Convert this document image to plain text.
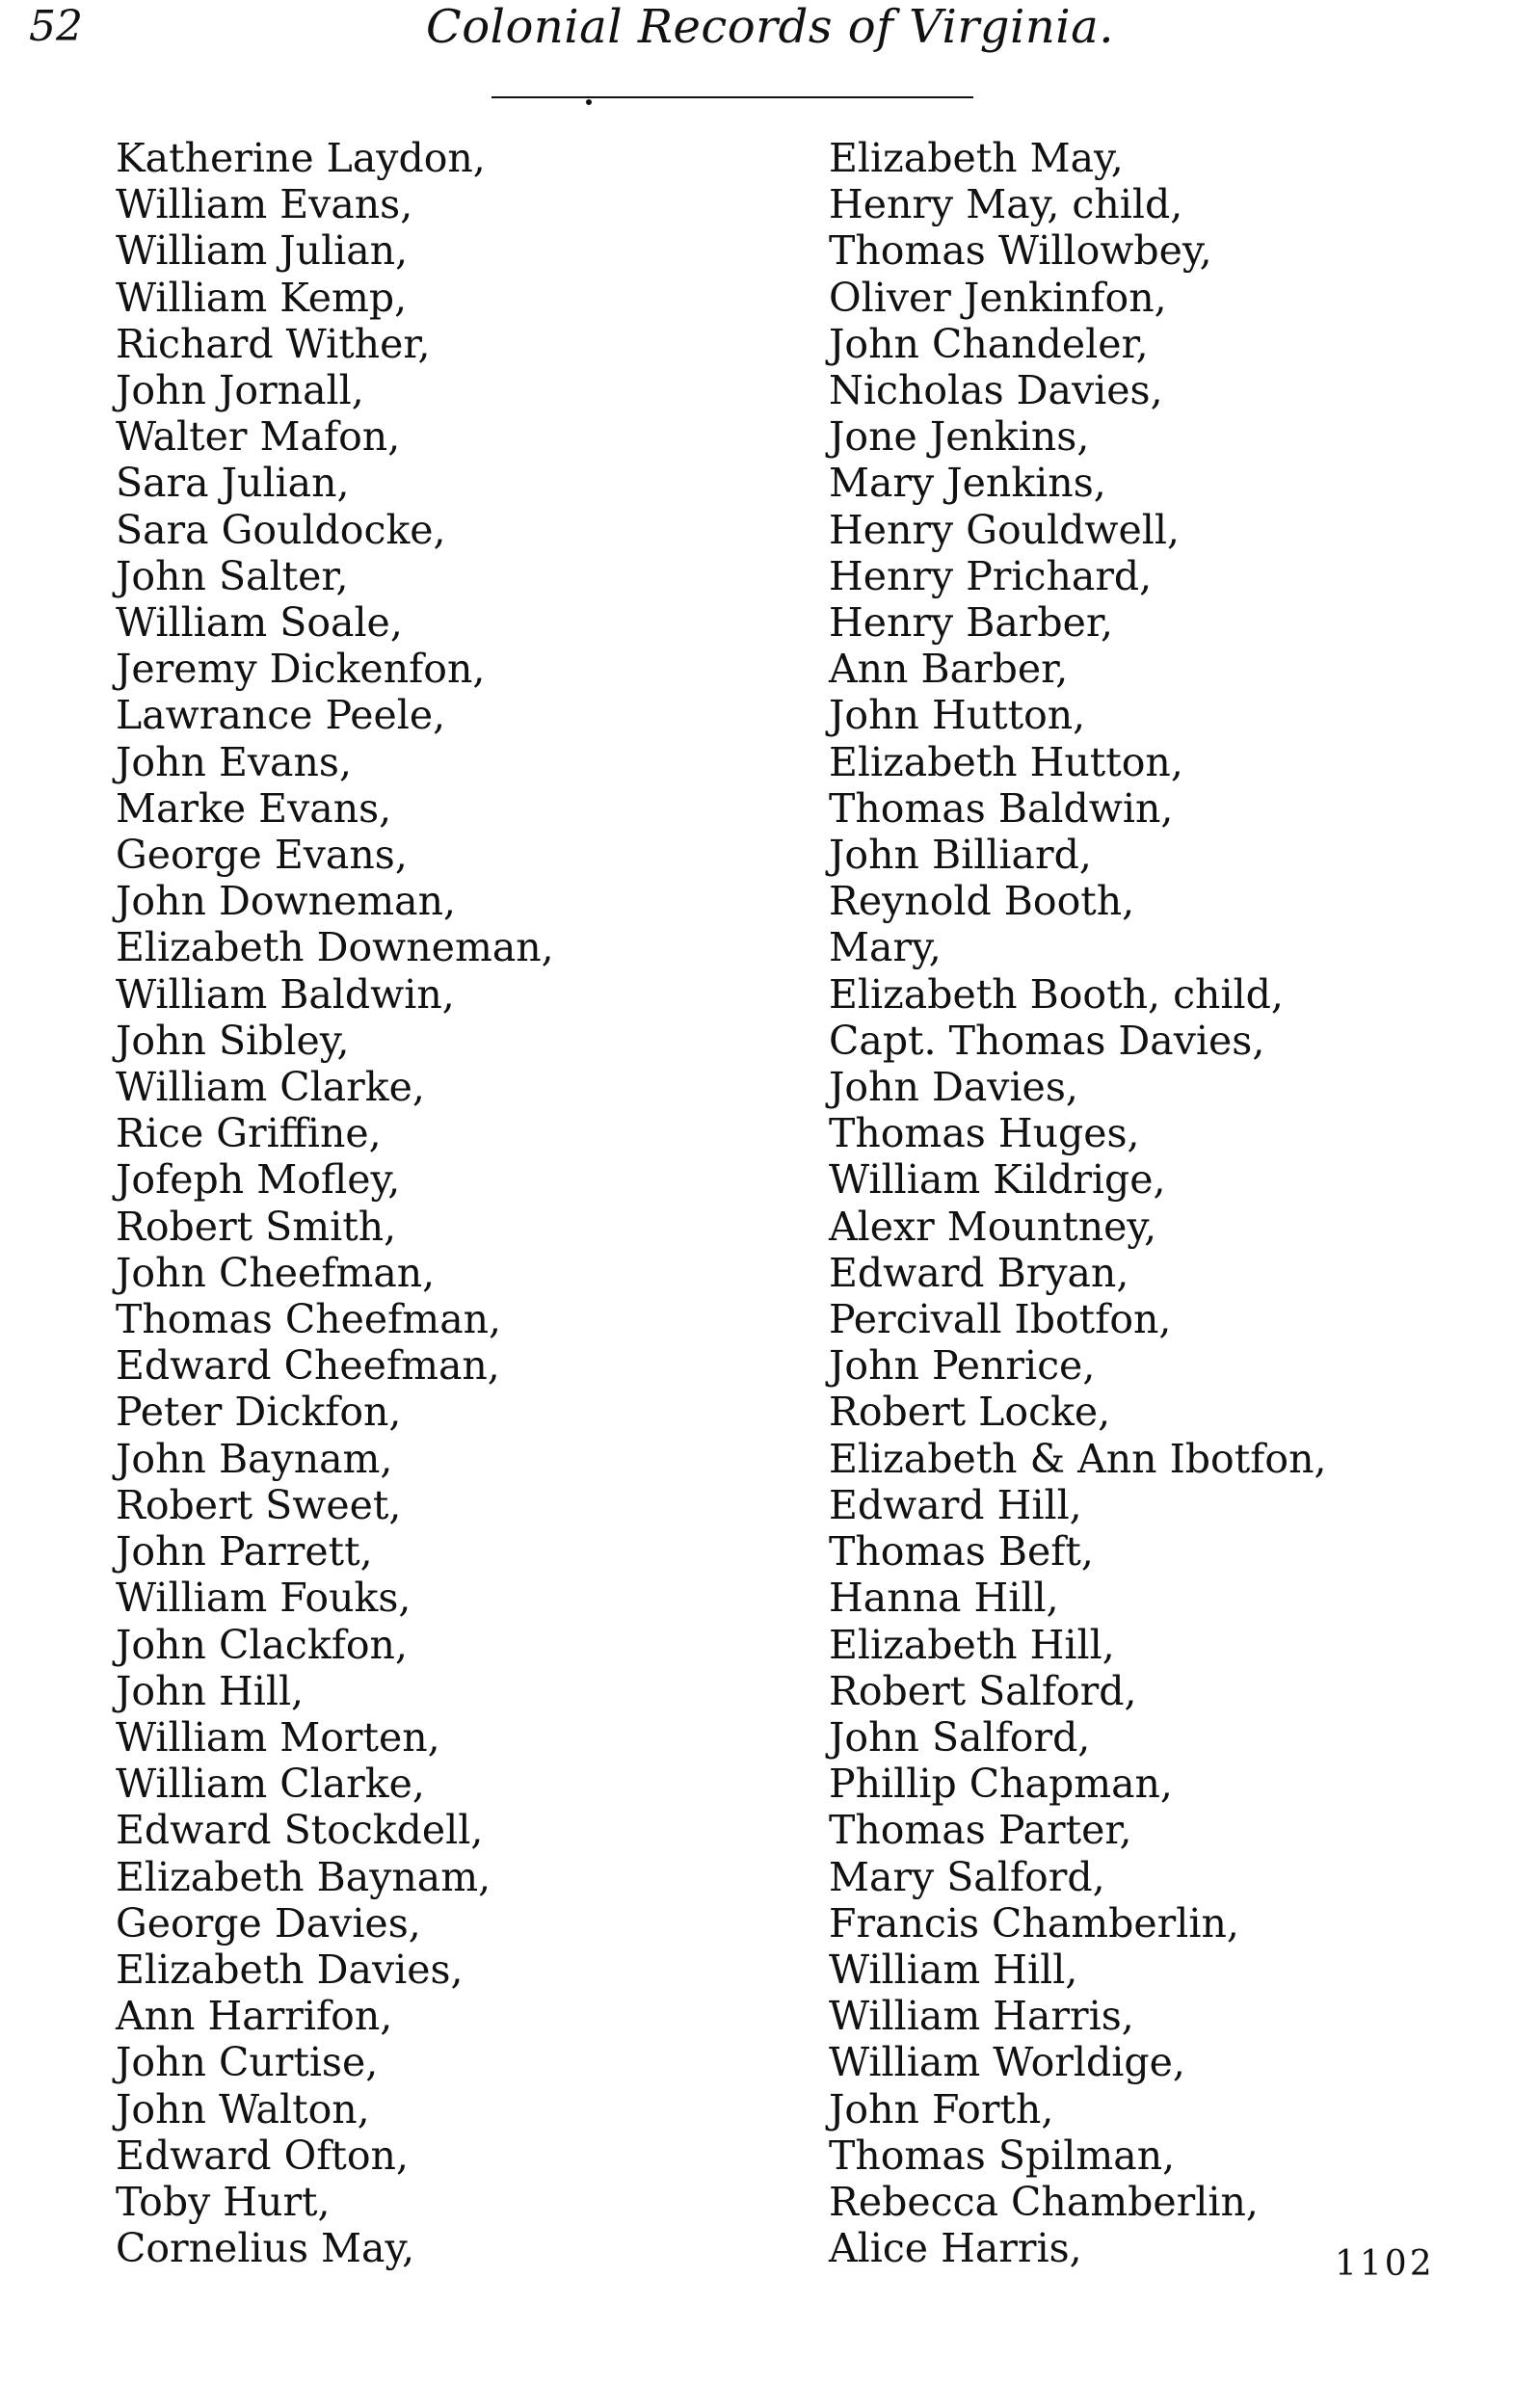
52	Colonial Records of Virginia.
Katherine Laydon,
William Evans,
William Julian,
William Kemp,
Richard Wither,
John Jornall,
Walter Mafon,
Sara Julian,
Sara Gouldocke,
John Salter,
William Soale,
Jeremy Dickenfon,
Lawrance Peele,
John Evans,
Marke Evans,
George Evans,
John Downeman,
Elizabeth Downeman,
William Baldwin,
John Sibley,
William Clarke,
Rice Griffine,
Jofeph Mofley,
Robert Smith,
John Cheefman,
Thomas Cheefman,
Edward Cheefman,
Peter Dickfon,
John Baynam,
Robert Sweet,
John Parrett,
William Fouks,
John Clackfon,
John Hill,
William Morten,
William Clarke,
Edward Stockdell,
Elizabeth Baynam,
George Davies,
Elizabeth Davies,
Ann Harrifon,
John Curtise,
John Walton,
Edward Ofton,
Toby Hurt,
Cornelius May,
Elizabeth May,
Henry May, child,
Thomas Willowbey,
Oliver Jenkinfon,
John Chandeler,
Nicholas Davies,
Jone Jenkins,
Mary Jenkins,
Henry Gouldwell,
Henry Prichard,
Henry Barber,
Ann Barber,
John Hutton,
Elizabeth Hutton,
Thomas Baldwin,
John Billiard,
Reynold Booth,
Mary,
Elizabeth Booth, child,
Capt. Thomas Davies,
John Davies,
Thomas Huges,
William Kildrige,
Alexr Mountney,
Edward Bryan,
Percivall Ibotfon,
John Penrice,
Robert Locke,
Elizabeth & Ann Ibotfon,
Edward Hill,
Thomas Beft,
Hanna Hill,
Elizabeth Hill,
Robert Salford,
John Salford,
Phillip Chapman,
Thomas Parter,
Mary Salford,
Francis Chamberlin,
William Hill,
William Harris,
William Worldige,
John Forth,
Thomas Spilman,
Rebecca Chamberlin,
Alice Harris,	1102
